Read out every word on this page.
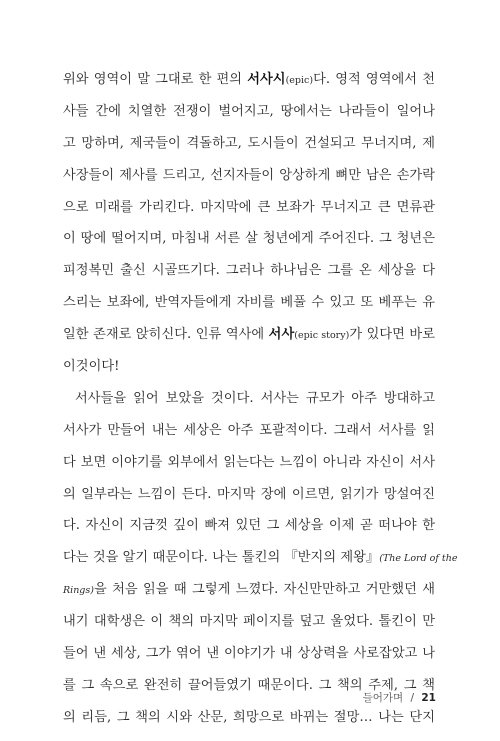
위와 영역이 말 그대로 한 편의 서사시(epic)다. 영적 영역에서 천
사들 간에 치열한 전쟁이 벌어지고, 땅에서는 나라들이 일어나
고 망하며, 제국들이 격돌하고, 도시들이 건설되고 무너지며, 제
사장들이 제사를 드리고, 선지자들이 앙상하게 뼈만 남은 손가락
으로 미래를 가리킨다. 마지막에 큰 보좌가 무너지고 큰 면류관
이 땅에 떨어지며, 마침내 서른 살 청년에게 주어진다. 그 청년은
피정복민 출신 시골뜨기다. 그러나 하나님은 그를 온 세상을 다
스리는 보좌에, 반역자들에게 자비를 베풀 수 있고 또 베푸는 유
일한 존재로 앉히신다. 인류 역사에 서사(epic story)가 있다면 바로
이것이다!
서사들을 읽어 보았을 것이다. 서사는 규모가 아주 방대하고
서사가 만들어 내는 세상은 아주 포괄적이다. 그래서 서사를 읽
다 보면 이야기를 외부에서 읽는다는 느낌이 아니라 자신이 서사
의 일부라는 느낌이 든다. 마지막 장에 이르면, 읽기가 망설여진
다. 자신이 지금껏 깊이 빠져 있던 그 세상을 이제 곧 떠나야 한
다는 것을 알기 때문이다. 나는 톨킨의 『반지의 제왕』(The Lord of the
Rings)을 처음 읽을 때 그렇게 느꼈다. 자신만만하고 거만했던 새
내기 대학생은 이 책의 마지막 페이지를 덮고 울었다. 톨킨이 만
들어 낸 세상, 그가 엮어 낸 이야기가 내 상상력을 사로잡았고 나
를 그 속으로 완전히 끌어들였기 때문이다. 그 책의 주제, 그 책
의 리듬, 그 책의 시와 산문, 희망으로 바뀌는 절망… 나는 단지
들어가며 / 21
